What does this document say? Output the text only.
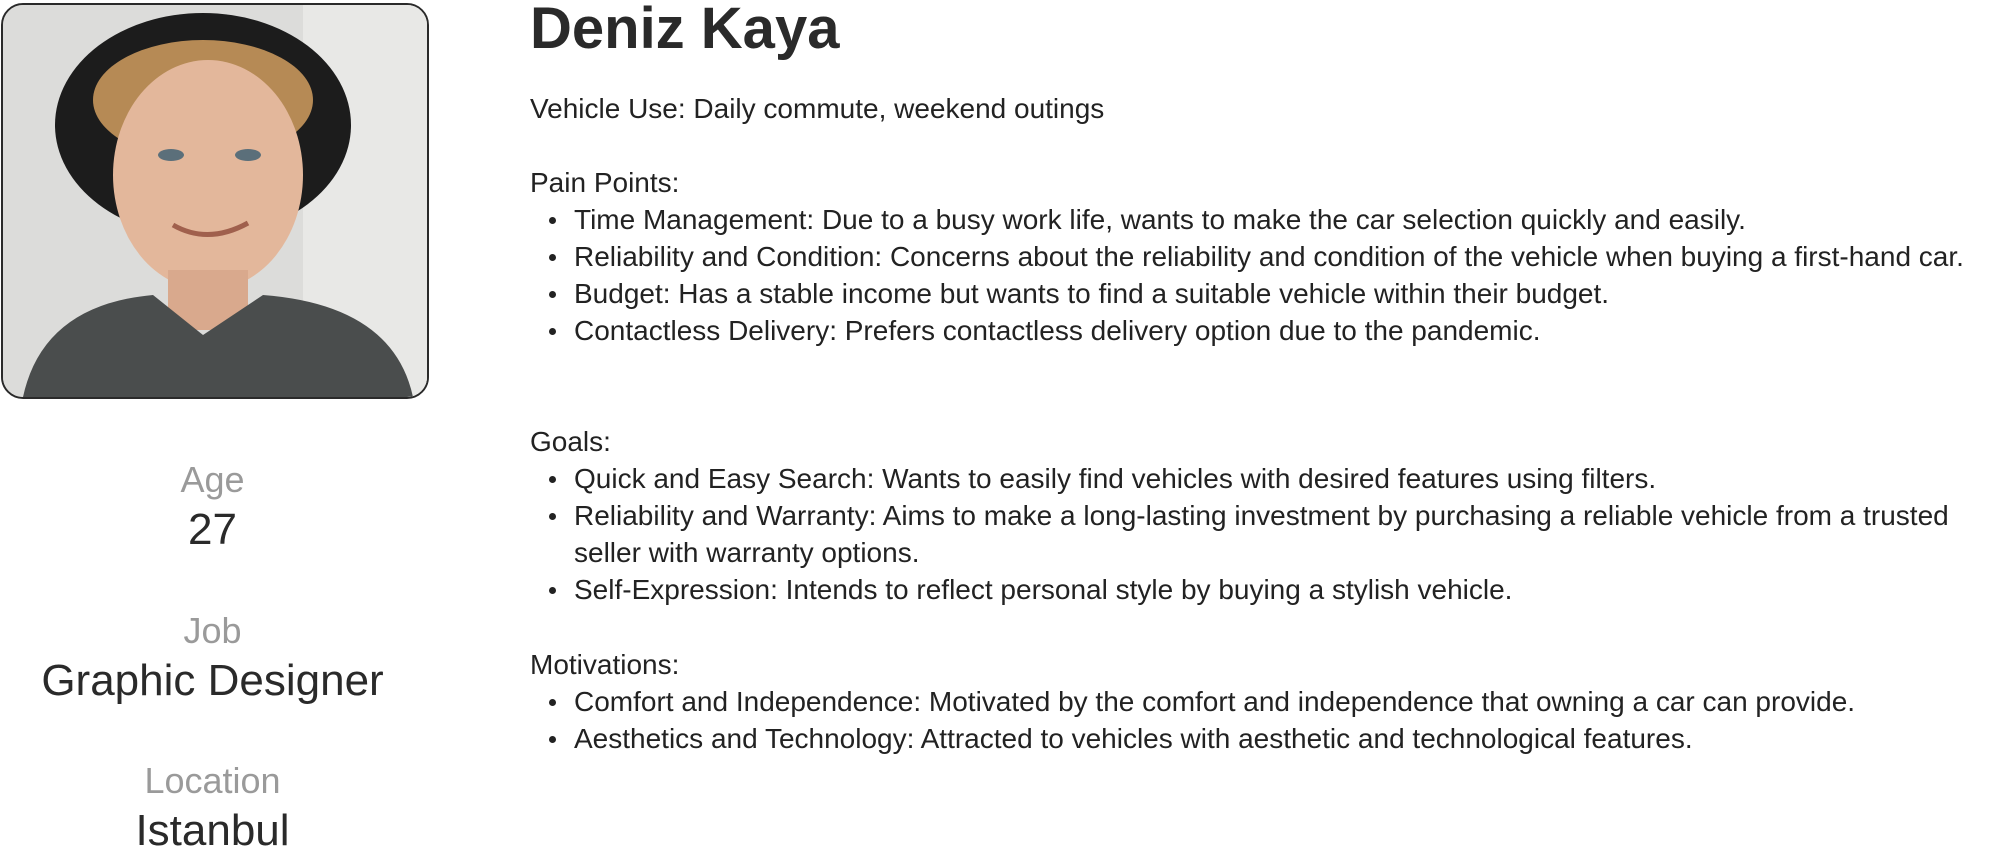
Age
27
Job
Graphic Designer
Location
Istanbul
Deniz Kaya
Vehicle Use: Daily commute, weekend outings
Pain Points:
Time Management: Due to a busy work life, wants to make the car selection quickly and easily.
Reliability and Condition: Concerns about the reliability and condition of the vehicle when buying a first-hand car.
Budget: Has a stable income but wants to find a suitable vehicle within their budget.
Contactless Delivery: Prefers contactless delivery option due to the pandemic.
Goals:
Quick and Easy Search: Wants to easily find vehicles with desired features using filters.
Reliability and Warranty: Aims to make a long-lasting investment by purchasing a reliable vehicle from a trusted seller with warranty options.
Self-Expression: Intends to reflect personal style by buying a stylish vehicle.
Motivations:
Comfort and Independence: Motivated by the comfort and independence that owning a car can provide.
Aesthetics and Technology: Attracted to vehicles with aesthetic and technological features.
